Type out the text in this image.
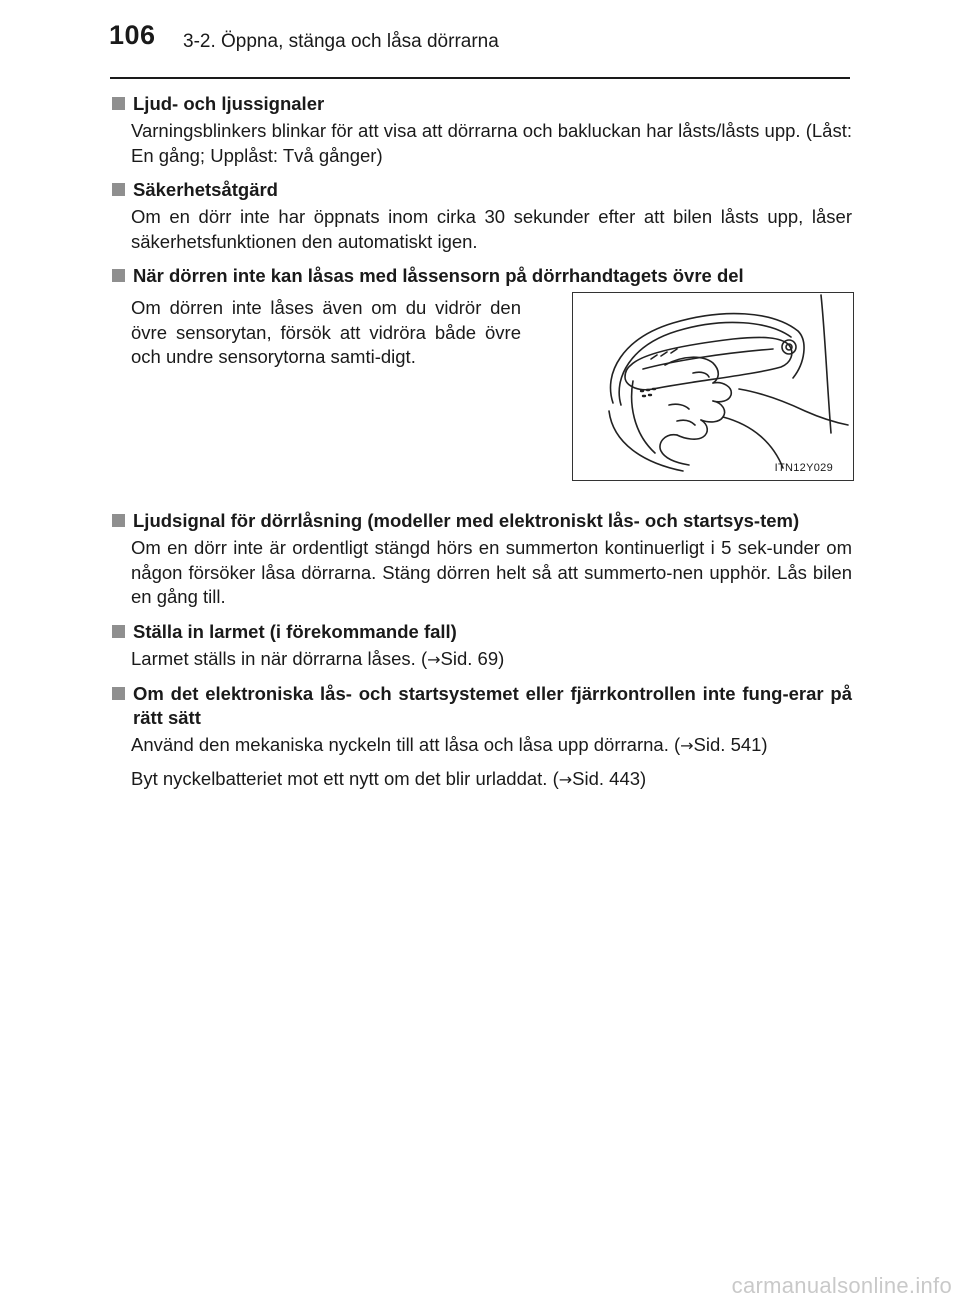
106 3-2. Öppna, stänga och låsa dörrarna
Ljud- och ljussignaler
Varningsblinkers blinkar för att visa att dörrarna och bakluckan har låsts/låsts upp. (Låst: En gång; Upplåst: Två gånger)
Säkerhetsåtgärd
Om en dörr inte har öppnats inom cirka 30 sekunder efter att bilen låsts upp, låser säkerhetsfunktionen den automatiskt igen.
När dörren inte kan låsas med låssensorn på dörrhandtagets övre del
Om dörren inte låses även om du vidrör den övre sensorytan, försök att vidröra både övre och undre sensorytorna samti-digt.
ITN12Y029
Ljudsignal för dörrlåsning (modeller med elektroniskt lås- och startsys-tem)
Om en dörr inte är ordentligt stängd hörs en summerton kontinuerligt i 5 sek-under om någon försöker låsa dörrarna. Stäng dörren helt så att summerto-nen upphör. Lås bilen en gång till.
Ställa in larmet (i förekommande fall)
Larmet ställs in när dörrarna låses. (→Sid. 69)
Om det elektroniska lås- och startsystemet eller fjärrkontrollen inte fung-erar på rätt sätt
Använd den mekaniska nyckeln till att låsa och låsa upp dörrarna. (→Sid. 541)
Byt nyckelbatteriet mot ett nytt om det blir urladdat. (→Sid. 443)
carmanualsonline.info
